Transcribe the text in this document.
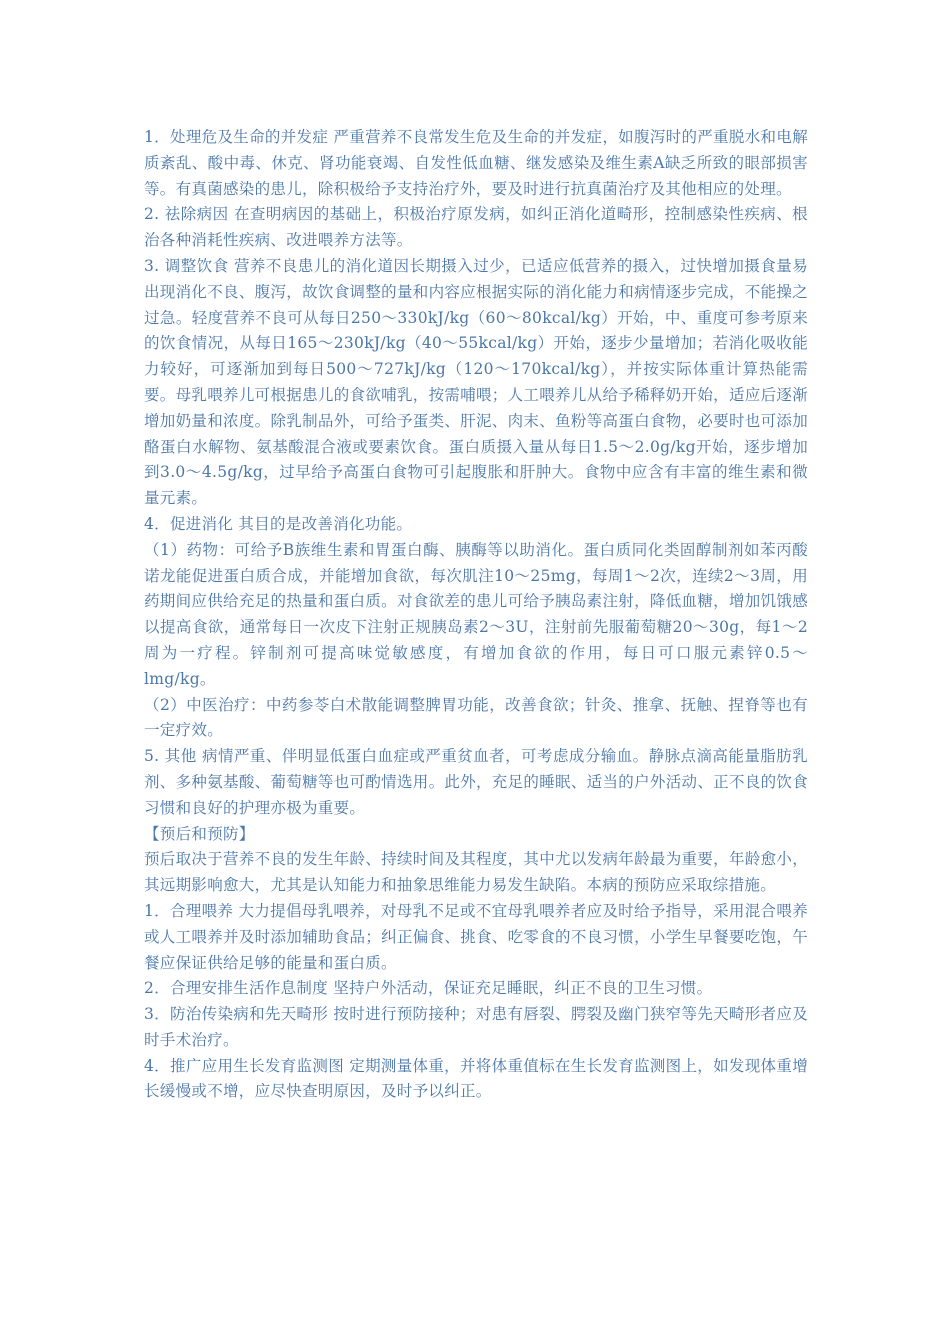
1．处理危及生命的并发症 严重营养不良常发生危及生命的并发症，如腹泻时的严重脱水和电解质紊乱、酸中毒、休克、肾功能衰竭、自发性低血糖、继发感染及维生素A缺乏所致的眼部损害等。有真菌感染的患儿，除积极给予支持治疗外，要及时进行抗真菌治疗及其他相应的处理。

2. 祛除病因 在查明病因的基础上，积极治疗原发病，如纠正消化道畸形，控制感染性疾病、根治各种消耗性疾病、改进喂养方法等。

3. 调整饮食 营养不良患儿的消化道因长期摄入过少，已适应低营养的摄入，过快增加摄食量易出现消化不良、腹泻，故饮食调整的量和内容应根据实际的消化能力和病情逐步完成，不能操之过急。轻度营养不良可从每日250～330kJ/kg（60～80kcal/kg）开始，中、重度可参考原来的饮食情况，从每日165～230kJ/kg（40～55kcal/kg）开始，逐步少量增加；若消化吸收能力较好，可逐渐加到每日500～727kJ/kg（120～170kcal/kg），并按实际体重计算热能需要。母乳喂养儿可根据患儿的食欲哺乳，按需哺喂；人工喂养儿从给予稀释奶开始，适应后逐渐增加奶量和浓度。除乳制品外，可给予蛋类、肝泥、肉末、鱼粉等高蛋白食物，必要时也可添加酪蛋白水解物、氨基酸混合液或要素饮食。蛋白质摄入量从每日1.5～2.0g/kg开始，逐步增加到3.0～4.5g/kg，过早给予高蛋白食物可引起腹胀和肝肿大。食物中应含有丰富的维生素和微量元素。

4．促进消化 其目的是改善消化功能。

（1）药物：可给予B族维生素和胃蛋白酶、胰酶等以助消化。蛋白质同化类固醇制剂如苯丙酸诺龙能促进蛋白质合成，并能增加食欲，每次肌注10～25mg，每周1～2次，连续2～3周，用药期间应供给充足的热量和蛋白质。对食欲差的患儿可给予胰岛素注射，降低血糖，增加饥饿感以提高食欲，通常每日一次皮下注射正规胰岛素2～3U，注射前先服葡萄糖20～30g，每1～2周为一疗程。锌制剂可提高味觉敏感度，有增加食欲的作用，每日可口服元素锌0.5～lmg/kg。

（2）中医治疗：中药参苓白术散能调整脾胃功能，改善食欲；针灸、推拿、抚触、捏脊等也有一定疗效。

5. 其他 病情严重、伴明显低蛋白血症或严重贫血者，可考虑成分输血。静脉点滴高能量脂肪乳剂、多种氨基酸、葡萄糖等也可酌情选用。此外，充足的睡眠、适当的户外活动、正不良的饮食习惯和良好的护理亦极为重要。

【预后和预防】

预后取决于营养不良的发生年龄、持续时间及其程度，其中尤以发病年龄最为重要，年龄愈小，其远期影响愈大，尤其是认知能力和抽象思维能力易发生缺陷。本病的预防应采取综措施。

1．合理喂养 大力提倡母乳喂养，对母乳不足或不宜母乳喂养者应及时给予指导，采用混合喂养或人工喂养并及时添加辅助食品；纠正偏食、挑食、吃零食的不良习惯，小学生早餐要吃饱，午餐应保证供给足够的能量和蛋白质。

2．合理安排生活作息制度 坚持户外活动，保证充足睡眠，纠正不良的卫生习惯。

3．防治传染病和先天畸形 按时进行预防接种；对患有唇裂、腭裂及幽门狭窄等先天畸形者应及时手术治疗。

4．推广应用生长发育监测图 定期测量体重，并将体重值标在生长发育监测图上，如发现体重增长缓慢或不增，应尽快查明原因，及时予以纠正。
